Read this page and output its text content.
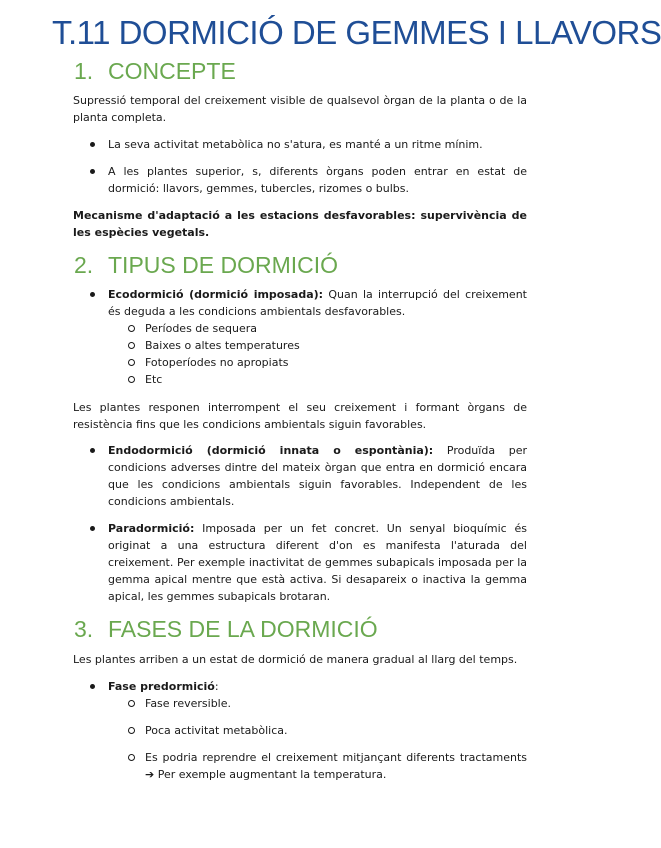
T.11 DORMICIÓ DE GEMMES I LLAVORS
1. CONCEPTE

Supressió temporal del creixement visible de qualsevol òrgan de la planta o de la planta completa.

La seva activitat metabòlica no s'atura, es manté a un ritme mínim.

A les plantes superior, s, diferents òrgans poden entrar en estat de dormició: llavors, gemmes, tubercles, rizomes o bulbs.

Mecanisme d'adaptació a les estacions desfavorables: supervivència de les espècies vegetals.

2. TIPUS DE DORMICIÓ

Ecodormició (dormició imposada): Quan la interrupció del creixement és deguda a les condicions ambientals desfavorables.

Períodes de sequera

Baixes o altes temperatures

Fotoperíodes no apropiats

Etc

Les plantes responen interrompent el seu creixement i formant òrgans de resistència fins que les condicions ambientals siguin favorables.

Endodormició (dormició innata o espontània): Produïda per condicions adverses dintre del mateix òrgan que entra en dormició encara que les condicions ambientals siguin favorables. Independent de les condicions ambientals.

Paradormició: Imposada per un fet concret. Un senyal bioquímic és originat a una estructura diferent d'on es manifesta l'aturada del creixement. Per exemple inactivitat de gemmes subapicals imposada per la gemma apical mentre que està activa. Si desapareix o inactiva la gemma apical, les gemmes subapicals brotaran.

3. FASES DE LA DORMICIÓ

Les plantes arriben a un estat de dormició de manera gradual al llarg del temps.

Fase predormició:

Fase reversible.

Poca activitat metabòlica.

Es podria reprendre el creixement mitjançant diferents tractaments ➔ Per exemple augmentant la temperatura.
